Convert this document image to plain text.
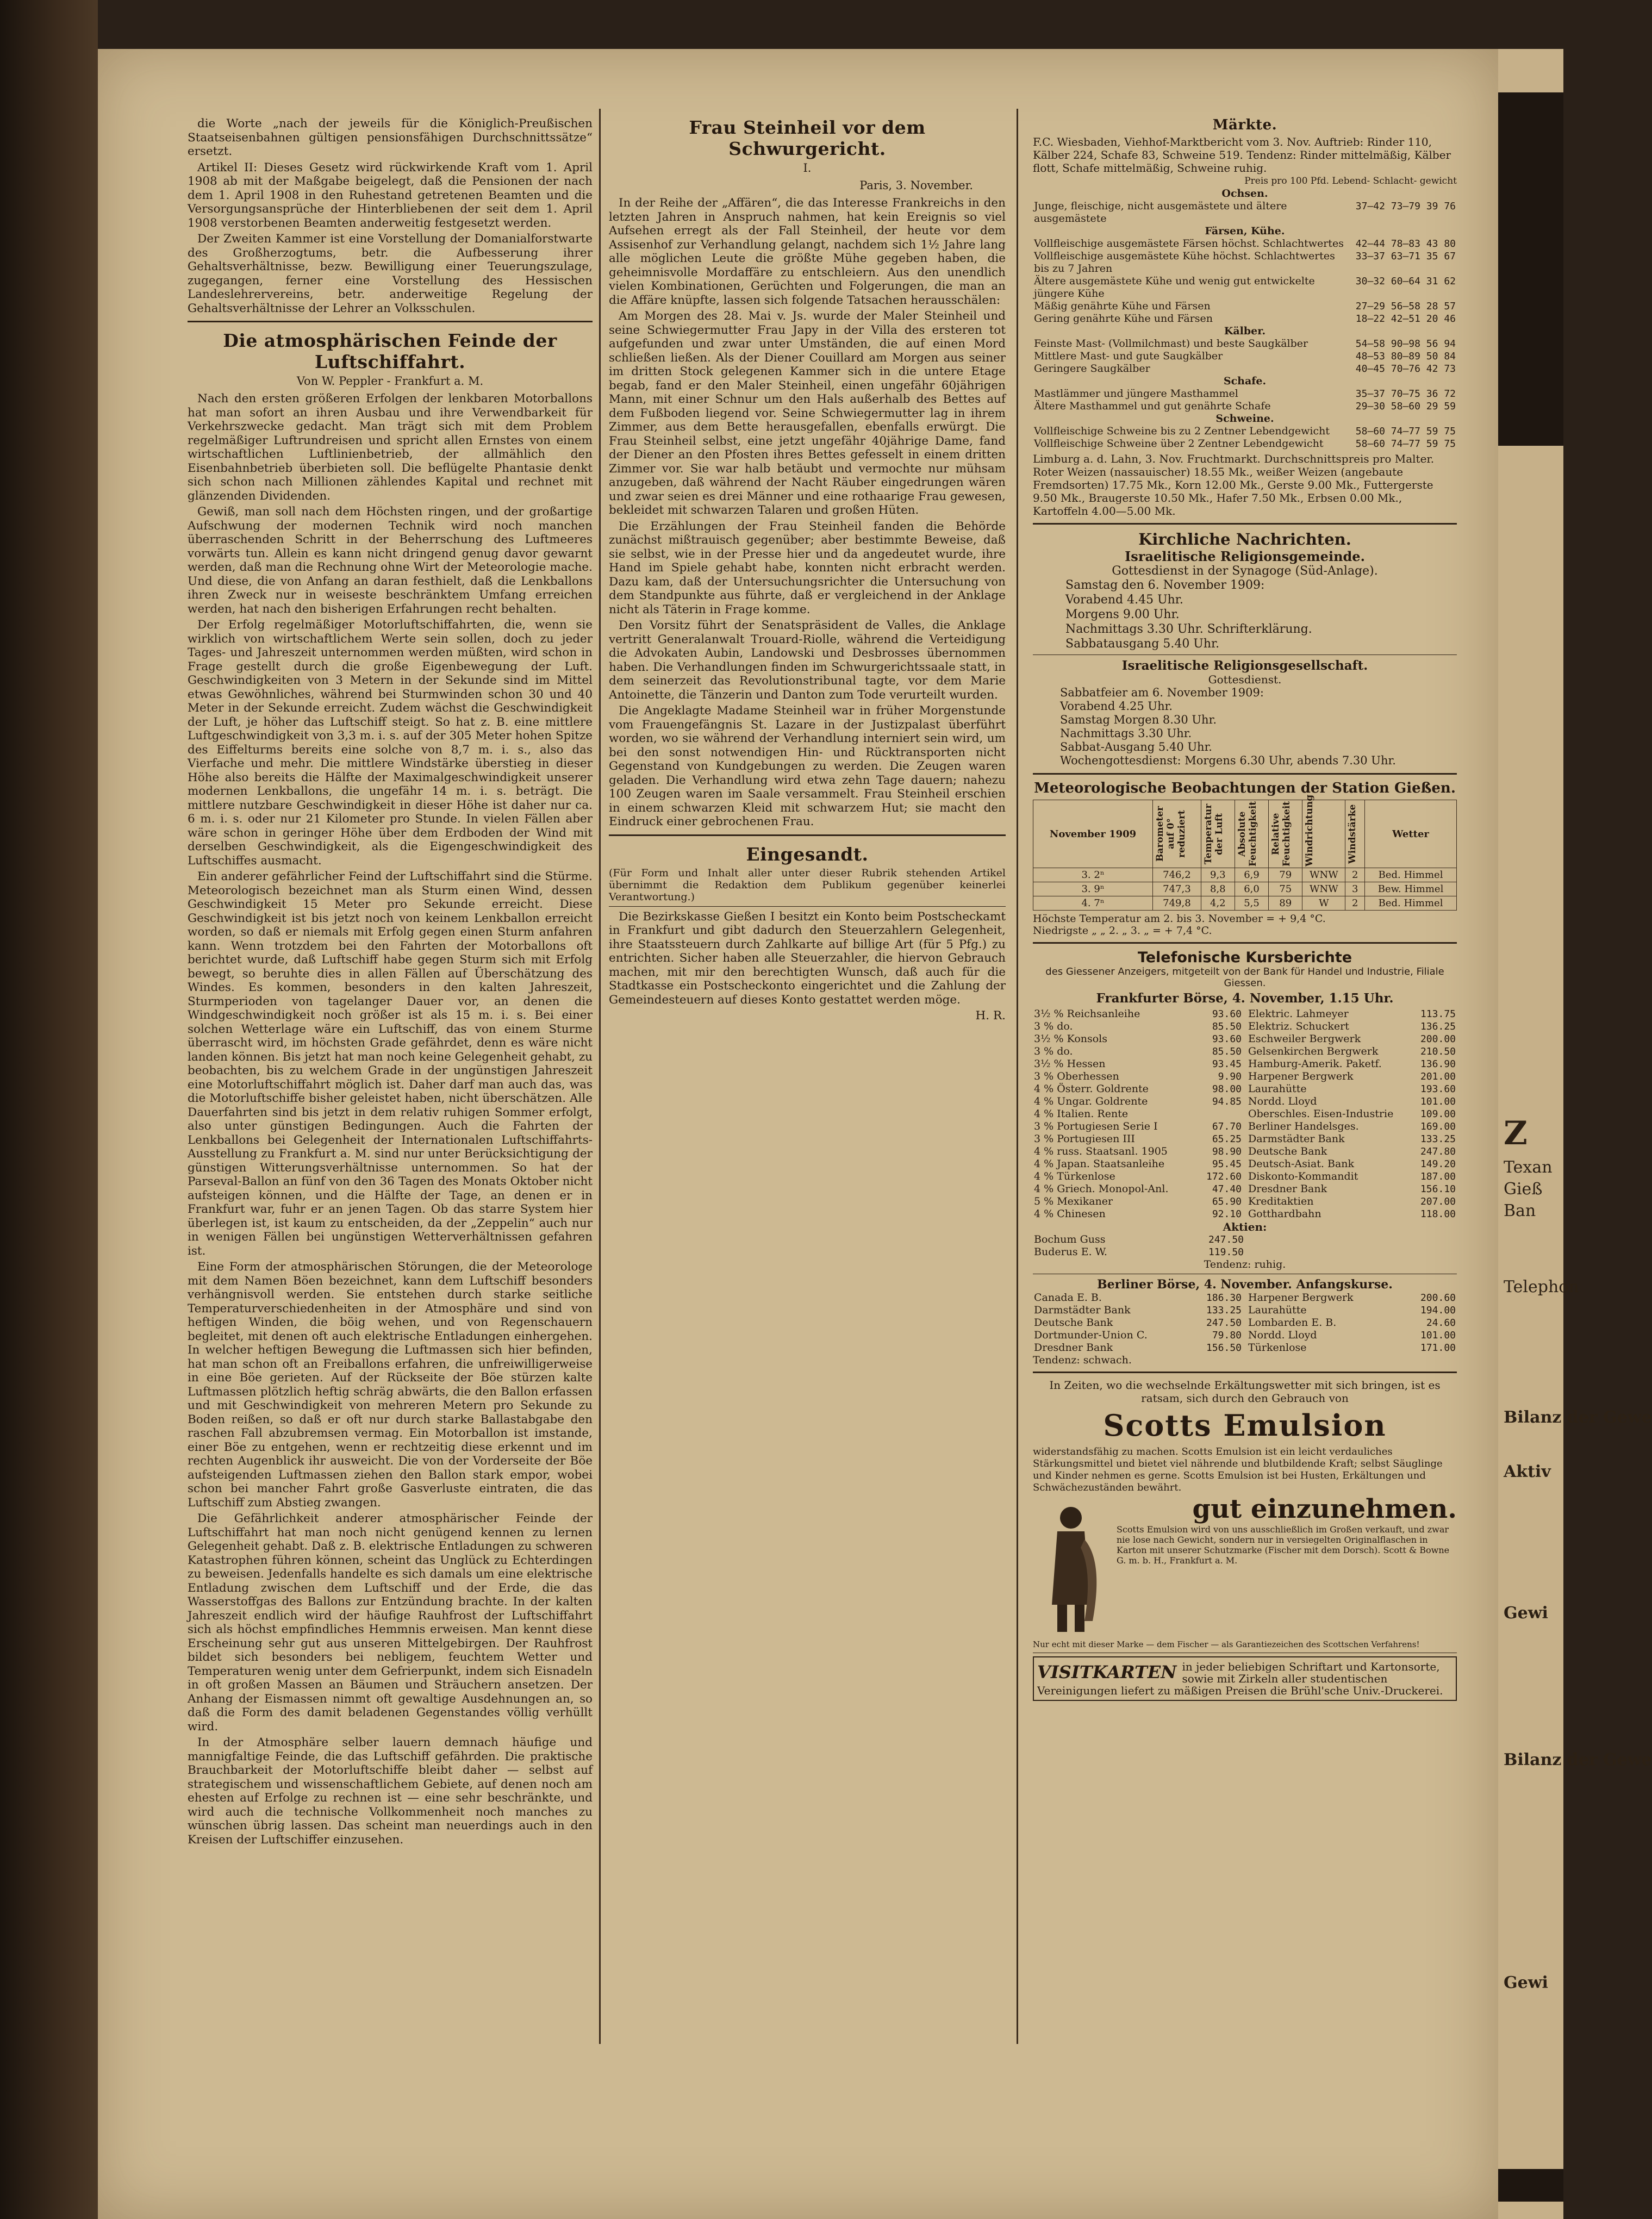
Z
Texan
Gieß
Ban
Telephon
Bilanz der Gewe
Aktiv
Gewi
Bilanz der Gewe
Gewi

die Worte „nach der jeweils für die Königlich-Preußischen Staatseisenbahnen gültigen pensionsfähigen Durchschnittssätze“ ersetzt.

Artikel II: Dieses Gesetz wird rückwirkende Kraft vom 1. April 1908 ab mit der Maßgabe beigelegt, daß die Pensionen der nach dem 1. April 1908 in den Ruhestand getretenen Beamten und die Versorgungsansprüche der Hinterbliebenen der seit dem 1. April 1908 verstorbenen Beamten anderweitig festgesetzt werden.

Der Zweiten Kammer ist eine Vorstellung der Domanialforstwarte des Großherzogtums, betr. die Aufbesserung ihrer Gehaltsverhältnisse, bezw. Bewilligung einer Teuerungszulage, zugegangen, ferner eine Vorstellung des Hessischen Landeslehrervereins, betr. anderweitige Regelung der Gehaltsverhältnisse der Lehrer an Volksschulen.

Die atmosphärischen Feinde der Luftschiffahrt.
Von W. Peppler - Frankfurt a. M.

Nach den ersten größeren Erfolgen der lenkbaren Motorballons hat man sofort an ihren Ausbau und ihre Verwendbarkeit für Verkehrszwecke gedacht. Man trägt sich mit dem Problem regelmäßiger Luftrundreisen und spricht allen Ernstes von einem wirtschaftlichen Luftlinienbetrieb, der allmählich den Eisenbahnbetrieb überbieten soll. Die beflügelte Phantasie denkt sich schon nach Millionen zählendes Kapital und rechnet mit glänzenden Dividenden.

Gewiß, man soll nach dem Höchsten ringen, und der großartige Aufschwung der modernen Technik wird noch manchen überraschenden Schritt in der Beherrschung des Luftmeeres vorwärts tun. Allein es kann nicht dringend genug davor gewarnt werden, daß man die Rechnung ohne Wirt der Meteorologie mache. Und diese, die von Anfang an daran festhielt, daß die Lenkballons ihren Zweck nur in weiseste beschränktem Umfang erreichen werden, hat nach den bisherigen Erfahrungen recht behalten.

Der Erfolg regelmäßiger Motorluftschiffahrten, die, wenn sie wirklich von wirtschaftlichem Werte sein sollen, doch zu jeder Tages- und Jahreszeit unternommen werden müßten, wird schon in Frage gestellt durch die große Eigenbewegung der Luft. Geschwindigkeiten von 3 Metern in der Sekunde sind im Mittel etwas Gewöhnliches, während bei Sturmwinden schon 30 und 40 Meter in der Sekunde erreicht. Zudem wächst die Geschwindigkeit der Luft, je höher das Luftschiff steigt. So hat z. B. eine mittlere Luftgeschwindigkeit von 3,3 m. i. s. auf der 305 Meter hohen Spitze des Eiffelturms bereits eine solche von 8,7 m. i. s., also das Vierfache und mehr. Die mittlere Windstärke überstieg in dieser Höhe also bereits die Hälfte der Maximalgeschwindigkeit unserer modernen Lenkballons, die ungefähr 14 m. i. s. beträgt. Die mittlere nutzbare Geschwindigkeit in dieser Höhe ist daher nur ca. 6 m. i. s. oder nur 21 Kilometer pro Stunde. In vielen Fällen aber wäre schon in geringer Höhe über dem Erdboden der Wind mit derselben Geschwindigkeit, als die Eigengeschwindigkeit des Luftschiffes ausmacht.

Ein anderer gefährlicher Feind der Luftschiffahrt sind die Stürme. Meteorologisch bezeichnet man als Sturm einen Wind, dessen Geschwindigkeit 15 Meter pro Sekunde erreicht. Diese Geschwindigkeit ist bis jetzt noch von keinem Lenkballon erreicht worden, so daß er niemals mit Erfolg gegen einen Sturm anfahren kann. Wenn trotzdem bei den Fahrten der Motorballons oft berichtet wurde, daß Luftschiff habe gegen Sturm sich mit Erfolg bewegt, so beruhte dies in allen Fällen auf Überschätzung des Windes. Es kommen, besonders in den kalten Jahreszeit, Sturmperioden von tagelanger Dauer vor, an denen die Windgeschwindigkeit noch größer ist als 15 m. i. s. Bei einer solchen Wetterlage wäre ein Luftschiff, das von einem Sturme überrascht wird, im höchsten Grade gefährdet, denn es wäre nicht landen können. Bis jetzt hat man noch keine Gelegenheit gehabt, zu beobachten, bis zu welchem Grade in der ungünstigen Jahreszeit eine Motorluftschiffahrt möglich ist. Daher darf man auch das, was die Motorluftschiffe bisher geleistet haben, nicht überschätzen. Alle Dauerfahrten sind bis jetzt in dem relativ ruhigen Sommer erfolgt, also unter günstigen Bedingungen. Auch die Fahrten der Lenkballons bei Gelegenheit der Internationalen Luftschiffahrts-Ausstellung zu Frankfurt a. M. sind nur unter Berücksichtigung der günstigen Witterungsverhältnisse unternommen. So hat der Parseval-Ballon an fünf von den 36 Tagen des Monats Oktober nicht aufsteigen können, und die Hälfte der Tage, an denen er in Frankfurt war, fuhr er an jenen Tagen. Ob das starre System hier überlegen ist, ist kaum zu entscheiden, da der „Zeppelin“ auch nur in wenigen Fällen bei ungünstigen Wetterverhältnissen gefahren ist.

Eine Form der atmosphärischen Störungen, die der Meteorologe mit dem Namen Böen bezeichnet, kann dem Luftschiff besonders verhängnisvoll werden. Sie entstehen durch starke seitliche Temperaturverschiedenheiten in der Atmosphäre und sind von heftigen Winden, die böig wehen, und von Regenschauern begleitet, mit denen oft auch elektrische Entladungen einhergehen. In welcher heftigen Bewegung die Luftmassen sich hier befinden, hat man schon oft an Freiballons erfahren, die unfreiwilligerweise in eine Böe gerieten. Auf der Rückseite der Böe stürzen kalte Luftmassen plötzlich heftig schräg abwärts, die den Ballon erfassen und mit Geschwindigkeit von mehreren Metern pro Sekunde zu Boden reißen, so daß er oft nur durch starke Ballastabgabe den raschen Fall abzubremsen vermag. Ein Motorballon ist imstande, einer Böe zu entgehen, wenn er rechtzeitig diese erkennt und im rechten Augenblick ihr ausweicht. Die von der Vorderseite der Böe aufsteigenden Luftmassen ziehen den Ballon stark empor, wobei schon bei mancher Fahrt große Gasverluste eintraten, die das Luftschiff zum Abstieg zwangen.

Die Gefährlichkeit anderer atmosphärischer Feinde der Luftschiffahrt hat man noch nicht genügend kennen zu lernen Gelegenheit gehabt. Daß z. B. elektrische Entladungen zu schweren Katastrophen führen können, scheint das Unglück zu Echterdingen zu beweisen. Jedenfalls handelte es sich damals um eine elektrische Entladung zwischen dem Luftschiff und der Erde, die das Wasserstoffgas des Ballons zur Entzündung brachte. In der kalten Jahreszeit endlich wird der häufige Rauhfrost der Luftschiffahrt sich als höchst empfindliches Hemmnis erweisen. Man kennt diese Erscheinung sehr gut aus unseren Mittelgebirgen. Der Rauhfrost bildet sich besonders bei nebligem, feuchtem Wetter und Temperaturen wenig unter dem Gefrierpunkt, indem sich Eisnadeln in oft großen Massen an Bäumen und Sträuchern ansetzen. Der Anhang der Eismassen nimmt oft gewaltige Ausdehnungen an, so daß die Form des damit beladenen Gegenstandes völlig verhüllt wird.

In der Atmosphäre selber lauern demnach häufige und mannigfaltige Feinde, die das Luftschiff gefährden. Die praktische Brauchbarkeit der Motorluftschiffe bleibt daher — selbst auf strategischem und wissenschaftlichem Gebiete, auf denen noch am ehesten auf Erfolge zu rechnen ist — eine sehr beschränkte, und wird auch die technische Vollkommenheit noch manches zu wünschen übrig lassen. Das scheint man neuerdings auch in den Kreisen der Luftschiffer einzusehen.

Frau Steinheil vor dem Schwurgericht.
I.
Paris, 3. November.

In der Reihe der „Affären“, die das Interesse Frankreichs in den letzten Jahren in Anspruch nahmen, hat kein Ereignis so viel Aufsehen erregt als der Fall Steinheil, der heute vor dem Assisenhof zur Verhandlung gelangt, nachdem sich 1½ Jahre lang alle möglichen Leute die größte Mühe gegeben haben, die geheimnisvolle Mordaffäre zu entschleiern. Aus den unendlich vielen Kombinationen, Gerüchten und Folgerungen, die man an die Affäre knüpfte, lassen sich folgende Tatsachen herausschälen:

Am Morgen des 28. Mai v. Js. wurde der Maler Steinheil und seine Schwiegermutter Frau Japy in der Villa des ersteren tot aufgefunden und zwar unter Umständen, die auf einen Mord schließen ließen. Als der Diener Couillard am Morgen aus seiner im dritten Stock gelegenen Kammer sich in die untere Etage begab, fand er den Maler Steinheil, einen ungefähr 60jährigen Mann, mit einer Schnur um den Hals außerhalb des Bettes auf dem Fußboden liegend vor. Seine Schwiegermutter lag in ihrem Zimmer, aus dem Bette herausgefallen, ebenfalls erwürgt. Die Frau Steinheil selbst, eine jetzt ungefähr 40jährige Dame, fand der Diener an den Pfosten ihres Bettes gefesselt in einem dritten Zimmer vor. Sie war halb betäubt und vermochte nur mühsam anzugeben, daß während der Nacht Räuber eingedrungen wären und zwar seien es drei Männer und eine rothaarige Frau gewesen, bekleidet mit schwarzen Talaren und großen Hüten.

Die Erzählungen der Frau Steinheil fanden die Behörde zunächst mißtrauisch gegenüber; aber bestimmte Beweise, daß sie selbst, wie in der Presse hier und da angedeutet wurde, ihre Hand im Spiele gehabt habe, konnten nicht erbracht werden. Dazu kam, daß der Untersuchungsrichter die Untersuchung von dem Standpunkte aus führte, daß er vergleichend in der Anklage nicht als Täterin in Frage komme.

Den Vorsitz führt der Senatspräsident de Valles, die Anklage vertritt Generalanwalt Trouard-Riolle, während die Verteidigung die Advokaten Aubin, Landowski und Desbrosses übernommen haben. Die Verhandlungen finden im Schwurgerichtssaale statt, in dem seinerzeit das Revolutionstribunal tagte, vor dem Marie Antoinette, die Tänzerin und Danton zum Tode verurteilt wurden.

Die Angeklagte Madame Steinheil war in früher Morgenstunde vom Frauengefängnis St. Lazare in der Justizpalast überführt worden, wo sie während der Verhandlung interniert sein wird, um bei den sonst notwendigen Hin- und Rücktransporten nicht Gegenstand von Kundgebungen zu werden. Die Zeugen waren geladen. Die Verhandlung wird etwa zehn Tage dauern; nahezu 100 Zeugen waren im Saale versammelt. Frau Steinheil erschien in einem schwarzen Kleid mit schwarzem Hut; sie macht den Eindruck einer gebrochenen Frau.

Eingesandt.

(Für Form und Inhalt aller unter dieser Rubrik stehenden Artikel übernimmt die Redaktion dem Publikum gegenüber keinerlei Verantwortung.)

Die Bezirkskasse Gießen I besitzt ein Konto beim Postscheckamt in Frankfurt und gibt dadurch den Steuerzahlern Gelegenheit, ihre Staatssteuern durch Zahlkarte auf billige Art (für 5 Pfg.) zu entrichten. Sicher haben alle Steuerzahler, die hiervon Gebrauch machen, mit mir den berechtigten Wunsch, daß auch für die Stadtkasse ein Postscheckonto eingerichtet und die Zahlung der Gemeindesteuern auf dieses Konto gestattet werden möge.

H. R.

Märkte.

F.C. Wiesbaden, Viehhof-Marktbericht vom 3. Nov. Auftrieb: Rinder 110, Kälber 224, Schafe 83, Schweine 519. Tendenz: Rinder mittelmäßig, Kälber flott, Schafe mittelmäßig, Schweine ruhig.

Preis pro 100 Pfd. Lebend- Schlacht- gewicht

Ochsen.	
Junge, fleischige, nicht ausgemästete und ältere ausgemästete	37—42 73—79 39 76
Färsen, Kühe.	
Vollfleischige ausgemästete Färsen höchst. Schlachtwertes	42—44 78—83 43 80
Vollfleischige ausgemästete Kühe höchst. Schlachtwertes bis zu 7 Jahren	33—37 63—71 35 67
Ältere ausgemästete Kühe und wenig gut entwickelte jüngere Kühe	30—32 60—64 31 62
Mäßig genährte Kühe und Färsen	27—29 56—58 28 57
Gering genährte Kühe und Färsen	18—22 42—51 20 46
Kälber.	
Feinste Mast- (Vollmilchmast) und beste Saugkälber	54—58 90—98 56 94
Mittlere Mast- und gute Saugkälber	48—53 80—89 50 84
Geringere Saugkälber	40—45 70—76 42 73
Schafe.	
Mastlämmer und jüngere Masthammel	35—37 70—75 36 72
Ältere Masthammel und gut genährte Schafe	29—30 58—60 29 59
Schweine.	
Vollfleischige Schweine bis zu 2 Zentner Lebendgewicht	58—60 74—77 59 75
Vollfleischige Schweine über 2 Zentner Lebendgewicht	58—60 74—77 59 75

Limburg a. d. Lahn, 3. Nov. Fruchtmarkt. Durchschnittspreis pro Malter. Roter Weizen (nassauischer) 18.55 Mk., weißer Weizen (angebaute Fremdsorten) 17.75 Mk., Korn 12.00 Mk., Gerste 9.00 Mk., Futtergerste 9.50 Mk., Braugerste 10.50 Mk., Hafer 7.50 Mk., Erbsen 0.00 Mk., Kartoffeln 4.00—5.00 Mk.

Kirchliche Nachrichten.
Israelitische Religionsgemeinde.
Gottesdienst in der Synagoge (Süd-Anlage).
Samstag den 6. November 1909:
Vorabend 4.45 Uhr.
Morgens 9.00 Uhr.
Nachmittags 3.30 Uhr. Schrifterklärung.
Sabbatausgang 5.40 Uhr.
Israelitische Religionsgesellschaft.
Gottesdienst.
Sabbatfeier am 6. November 1909:
Vorabend 4.25 Uhr.
Samstag Morgen 8.30 Uhr.
Nachmittags 3.30 Uhr.
Sabbat-Ausgang 5.40 Uhr.
Wochengottesdienst: Morgens 6.30 Uhr, abends 7.30 Uhr.
Meteorologische Beobachtungen der Station Gießen.
November 1909	Barometer auf 0° reduziert	Temperatur der Luft	Absolute Feuchtigkeit	Relative Feuchtigkeit	Windrichtung	Windstärke	Wetter
3. 2ⁿ	746,2	9,3	6,9	79	WNW	2	Bed. Himmel
3. 9ⁿ	747,3	8,8	6,0	75	WNW	3	Bew. Himmel
4. 7ⁿ	749,8	4,2	5,5	89	W	2	Bed. Himmel
Höchste Temperatur am 2. bis 3. November = + 9,4 °C.
Niedrigste „ „ 2. „ 3. „ = + 7,4 °C.
Telefonische Kursberichte
des Giessener Anzeigers, mitgeteilt von der Bank für Handel und Industrie, Filiale Giessen.
Frankfurter Börse, 4. November, 1.15 Uhr.
3½ % Reichsanleihe	93.60
3 % do.	85.50
3½ % Konsols	93.60
3 % do.	85.50
3½ % Hessen	93.45
3 % Oberhessen	9.90
4 % Österr. Goldrente	98.00
4 % Ungar. Goldrente	94.85
4 % Italien. Rente	
3 % Portugiesen Serie I	67.70
3 % Portugiesen III	65.25
4 % russ. Staatsanl. 1905	98.90
4 % Japan. Staatsanleihe	95.45
4 % Türkenlose	172.60
4 % Griech. Monopol-Anl.	47.40
5 % Mexikaner	65.90
4 % Chinesen	92.10
Elektric. Lahmeyer	113.75
Elektriz. Schuckert	136.25
Eschweiler Bergwerk	200.00
Gelsenkirchen Bergwerk	210.50
Hamburg-Amerik. Paketf.	136.90
Harpener Bergwerk	201.00
Laurahütte	193.60
Nordd. Lloyd	101.00
Oberschles. Eisen-Industrie	109.00
Berliner Handelsges.	169.00
Darmstädter Bank	133.25
Deutsche Bank	247.80
Deutsch-Asiat. Bank	149.20
Diskonto-Kommandit	187.00
Dresdner Bank	156.10
Kreditaktien	207.00
Gotthardbahn	118.00
Aktien:
Bochum Guss	247.50
Buderus E. W.	119.50
Tendenz: ruhig.
Berliner Börse, 4. November. Anfangskurse.
Canada E. B.	186.30
Darmstädter Bank	133.25
Deutsche Bank	247.50
Dortmunder-Union C.	79.80
Dresdner Bank	156.50
Harpener Bergwerk	200.60
Laurahütte	194.00
Lombarden E. B.	24.60
Nordd. Lloyd	101.00
Türkenlose	171.00
Tendenz: schwach.

In Zeiten, wo die wechselnde Erkältungswetter mit sich bringen, ist es ratsam, sich durch den Gebrauch von

Scotts Emulsion

widerstandsfähig zu machen. Scotts Emulsion ist ein leicht verdauliches Stärkungsmittel und bietet viel nährende und blutbildende Kraft; selbst Säuglinge und Kinder nehmen es gerne. Scotts Emulsion ist bei Husten, Erkältungen und Schwächezuständen bewährt.

gut einzunehmen.

Scotts Emulsion wird von uns ausschließlich im Großen verkauft, und zwar nie lose nach Gewicht, sondern nur in versiegelten Originalflaschen in Karton mit unserer Schutzmarke (Fischer mit dem Dorsch). Scott & Bowne G. m. b. H., Frankfurt a. M.

Nur echt mit dieser Marke — dem Fischer — als Garantiezeichen des Scottschen Verfahrens!

VISITKARTEN in jeder beliebigen Schriftart und Kartonsorte, sowie mit Zirkeln aller studentischen Vereinigungen liefert zu mäßigen Preisen die Brühl'sche Univ.-Druckerei.
